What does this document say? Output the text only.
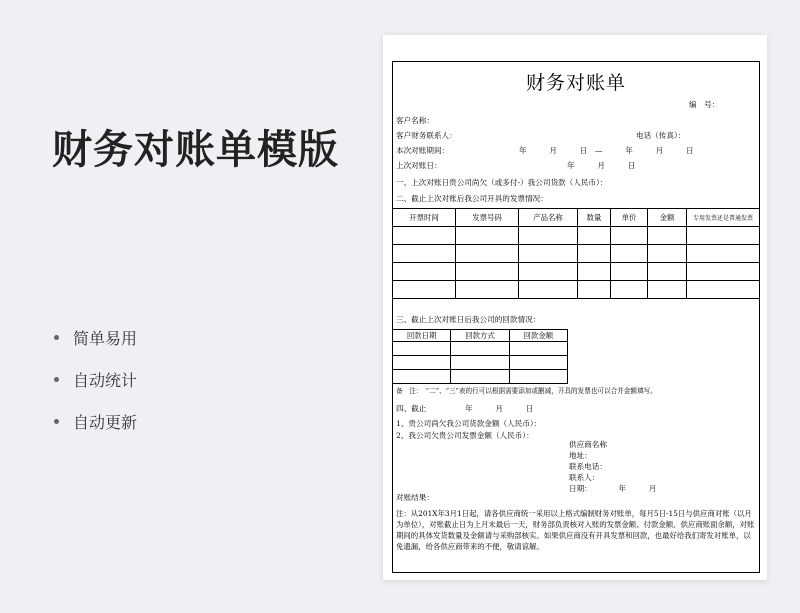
财务对账单模版
简单易用
自动统计
自动更新
财务对账单
编　号：
客户名称：
客户财务联系人：	电话（传真）：
本次对账期间：	年　　　月　　　日　—　　　年　　　月　　　日
上次对账日：	年　　　月　　　日
一、上次对账日贵公司尚欠（或多付-）我公司货款（人民币）：
二、截止上次对账后我公司开具的发票情况：
开票时间	发票号码	产品名称	数量	单价	金额	专用发票还是普通发票

三、截止上次对账日后我公司的回款情况：
回款日期	回款方式	回款金额

备　注：　“二”、“三”表的行可以根据需要添加或删减，开具的发票也可以合并金额填写。
四、截止	年　　　月　　　日
1、贵公司尚欠我公司货款金额（人民币）：
2、我公司欠贵公司发票金额（人民币）：
供应商名称
地址：
联系电话：
联系人：
日期：　　　　年　　　月
对账结果：
注：从201X年3月1日起，请各供应商统一采用以上格式编制财务对账单，每月5日-15日与供应商对账（以月为单位），对账截止日为上月末最后一天，财务部负责核对入账的发票金额、付款金额、供应商账面余额，对账期间的具体发货数量及金额请与采购部核实。如果供应商没有开具发票和回款，也最好给我们寄发对账单，以免遗漏，给各供应商带来的不便，敬请谅解。
